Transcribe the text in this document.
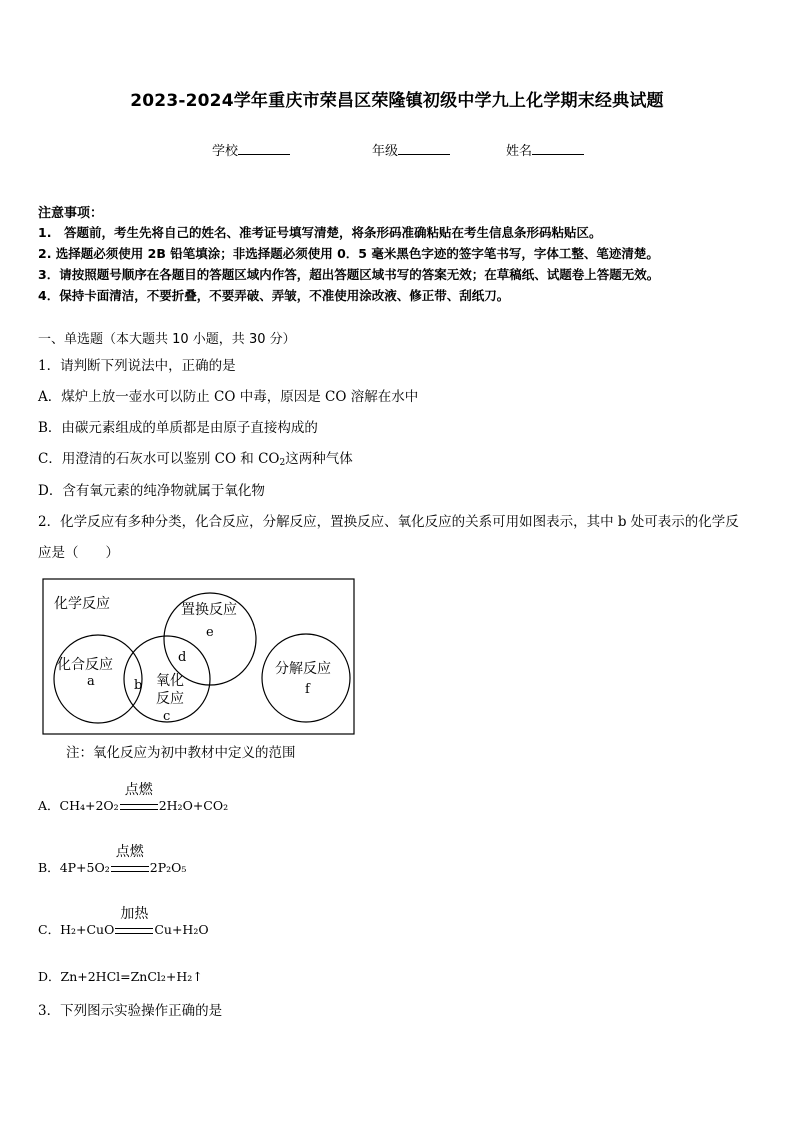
2023-2024学年重庆市荣昌区荣隆镇初级中学九上化学期末经典试题
学校	年级	姓名
注意事项：
1.　答题前，考生先将自己的姓名、准考证号填写清楚，将条形码准确粘贴在考生信息条形码粘贴区。
2. 选择题必须使用 2B 铅笔填涂；非选择题必须使用 0．5 毫米黑色字迹的签字笔书写，字体工整、笔迹清楚。
3．请按照题号顺序在各题目的答题区域内作答，超出答题区域书写的答案无效；在草稿纸、试题卷上答题无效。
4．保持卡面清洁，不要折叠，不要弄破、弄皱，不准使用涂改液、修正带、刮纸刀。
一、单选题（本大题共 10 小题，共 30 分）
1．请判断下列说法中，正确的是
A．煤炉上放一壶水可以防止 CO 中毒，原因是 CO 溶解在水中
B．由碳元素组成的单质都是由原子直接构成的
C．用澄清的石灰水可以鉴别 CO 和 $CO_2$这两种气体
D．含有氧元素的纯净物就属于氧化物
2．化学反应有多种分类，化合反应，分解反应，置换反应、氧化反应的关系可用如图表示，其中 b 处可表示的化学反
应是（　　）
化学反应	置换反应
e
d
化合反应
a	b 氧化
反应
c
分解反应
f
注：氧化反应为初中教材中定义的范围
A．CH₄+2O₂
点燃
2H₂O+CO₂
B．4P+5O₂
点燃
2P₂O₅
C．H₂+CuO
加热
Cu+H₂O
D．Zn+2HCl=ZnCl₂+H₂↑
3．下列图示实验操作正确的是
